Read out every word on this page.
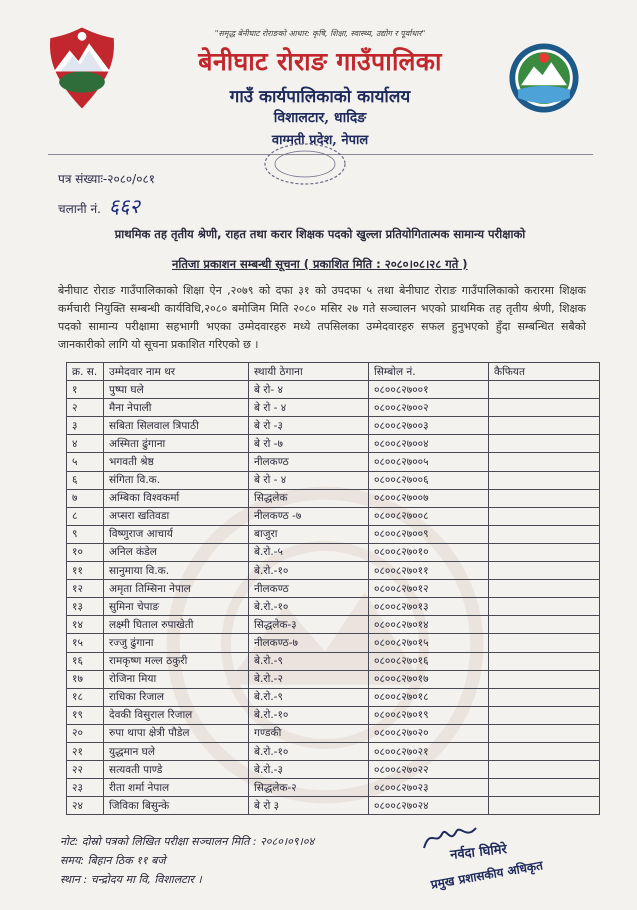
"समृद्ध बेनीघाट रोराङको आधार: कृषि, शिक्षा, स्वास्थ्य, उद्योग र पूर्वाधार"
बेनीघाट रोराङ गाउँपालिका
गाउँ कार्यपालिकाको कार्यालय
विशालटार, धादिङ
वाग्मती प्रदेश, नेपाल
पत्र संख्याः-२०८०/०८१
चलानी नं. ६६२
प्राथमिक तह तृतीय श्रेणी, राहत तथा करार शिक्षक पदको खुल्ला प्रतियोगितात्मक सामान्य परीक्षाको
नतिजा प्रकाशन सम्बन्धी सूचना ( प्रकाशित मिति : २०८०।०८।२८ गते )
बेनीघाट रोराङ गाउँपालिकाको शिक्षा ऐन ,२०७९ को दफा ३१ को उपदफा ५ तथा बेनीघाट रोराङ गाउँपालिकाको करारमा शिक्षक कर्मचारी नियुक्ति सम्बन्धी कार्यविधि,२०८० बमोजिम मिति २०८० मसिर २७ गते सञ्चालन भएको प्राथमिक तह तृतीय श्रेणी, शिक्षक पदको सामान्य परीक्षामा सहभागी भएका उम्मेदवारहरु मध्ये तपसिलका उम्मेदवारहरु सफल हुनुभएको हुँदा सम्बन्धित सबैको जानकारीको लागि यो सूचना प्रकाशित गरिएको छ ।
क्र. स.	उम्मेदवार नाम थर	स्थायी ठेगाना	सिम्बोल नं.	कैफियत
१	पुष्पा घले	बे रो- ४	०८००८२७००१	
२	मैना नेपाली	बे रो - ४	०८००८२७००२	
३	सबिता सिलवाल त्रिपाठी	बे रो -३	०८००८२७००३	
४	अस्मिता ढुंगाना	बे रो -७	०८००८२७००४	
५	भगवती श्रेष्ठ	नीलकण्ठ	०८००८२७००५	
६	संगिता वि.क.	बे रो - ४	०८००८२७००६	
७	अम्बिका विश्वकर्मा	सिद्धलेक	०८००८२७००७	
८	अप्सरा खतिवडा	नीलकण्ठ -७	०८००८२७००८	
९	विष्णुराज आचार्य	बाजुरा	०८००८२७००९	
१०	अनिल कंडेल	बे.रो.-५	०८००८२७०१०	
११	सानुमाया वि.क.	बे.रो.-१०	०८००८२७०११	
१२	अमृता तिम्सिना नेपाल	नीलकण्ठ	०८००८२७०१२	
१३	सुमिना चेपाङ	बे.रो.-१०	०८००८२७०१३	
१४	लक्ष्मी घिताल रुपाखेती	सिद्धलेक-३	०८००८२७०१४	
१५	रज्जु ढुंगाना	नीलकण्ठ-७	०८००८२७०१५	
१६	रामकृष्ण मल्ल ठकुरी	बे.रो.-९	०८००८२७०१६	
१७	रोजिना मिया	बे.रो.-२	०८००८२७०१७	
१८	राधिका रिजाल	बे.रो.-९	०८००८२७०१८	
१९	देवकी विसुराल रिजाल	बे.रो.-१०	०८००८२७०१९	
२०	रुपा थापा क्षेत्री पौडेल	गण्डकी	०८००८२७०२०	
२१	युद्धमान घले	बे.रो.-१०	०८००८२७०२१	
२२	सत्यवती पाण्डे	बे.रो.-३	०८००८२७०२२	
२३	रीता शर्मा नेपाल	सिद्धलेक-२	०८००८२७०२३	
२४	जिविका बिसुन्के	बे रो ३	०८००८२७०२४	
नोट: दोस्रो पत्रको लिखित परीक्षा सञ्चालन मिति : २०८०।०९।०४
समय: बिहान ठिक ११ बजे
स्थान : चन्द्रोदय मा वि, विशालटार ।
नर्वदा घिमिरे
प्रमुख प्रशासकीय अधिकृत
